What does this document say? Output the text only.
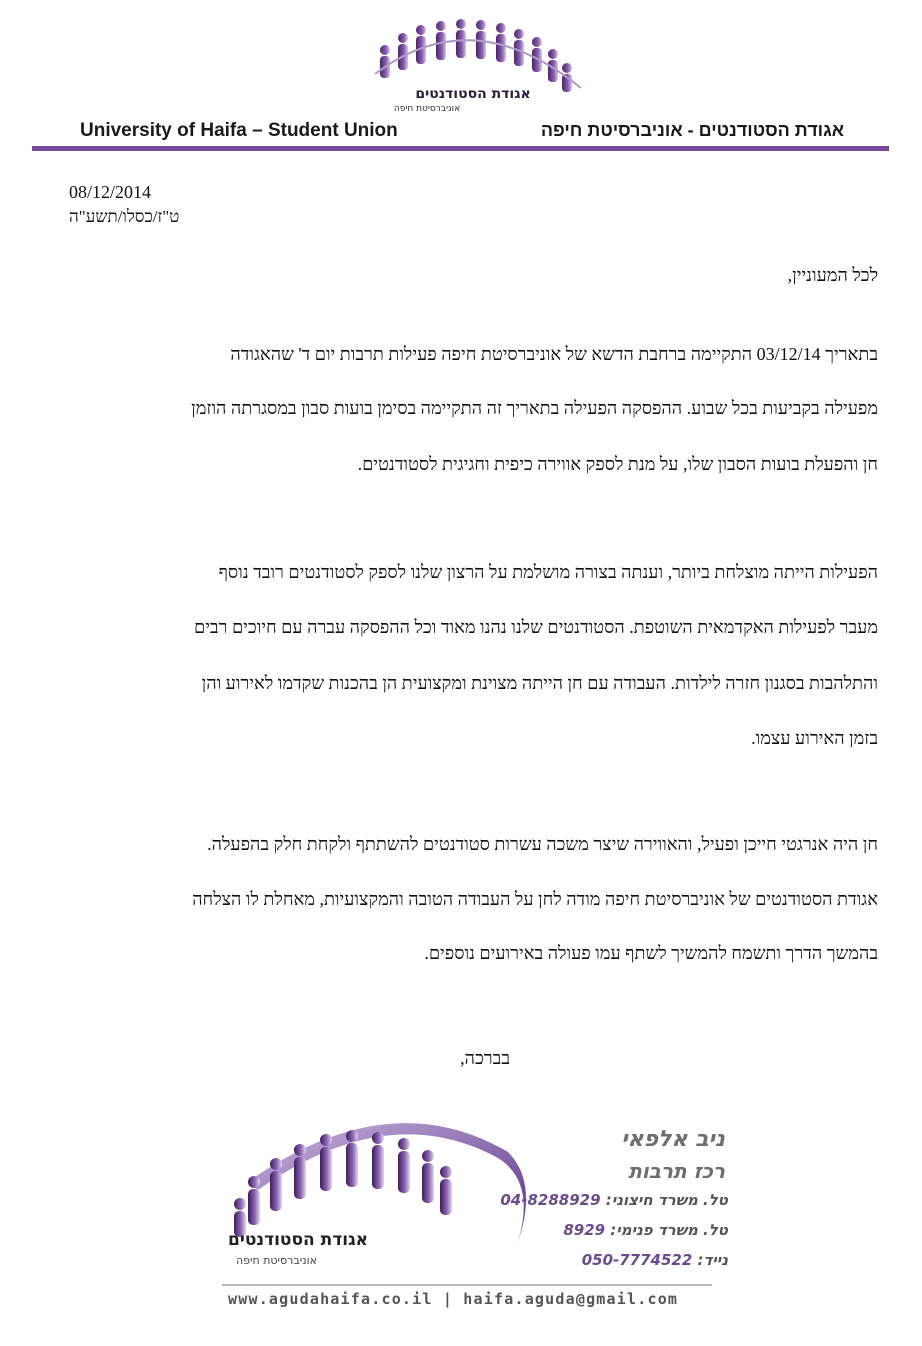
אגודת הסטודנטים
אוניברסיטת חיפה
University of Haifa – Student Union	אגודת הסטודנטים - אוניברסיטת חיפה
08/12/2014
ט"ז/כסלו/תשע"ה
לכל המעוניין,
בתאריך 03/12/14 התקיימה ברחבת הדשא של אוניברסיטת חיפה פעילות תרבות יום ד' שהאגודה
מפעילה בקביעות בכל שבוע. ההפסקה הפעילה בתאריך זה התקיימה בסימן בועות סבון במסגרתה הוזמן
חן והפעלת בועות הסבון שלו, על מנת לספק אווירה כיפית וחגיגית לסטודנטים.
הפעילות הייתה מוצלחת ביותר, וענתה בצורה מושלמת על הרצון שלנו לספק לסטודנטים רובד נוסף
מעבר לפעילות האקדמאית השוטפת. הסטודנטים שלנו נהנו מאוד וכל ההפסקה עברה עם חיוכים רבים
והתלהבות בסגנון חזרה לילדות. העבודה עם חן הייתה מצוינת ומקצועית הן בהכנות שקדמו לאירוע והן
בזמן האירוע עצמו.
חן היה אנרגטי חייכן ופעיל, והאווירה שיצר משכה עשרות סטודנטים להשתתף ולקחת חלק בהפעלה.
אגודת הסטודנטים של אוניברסיטת חיפה מודה לחן על העבודה הטובה והמקצועיות, מאחלת לו הצלחה
בהמשך הדרך ותשמח להמשיך לשתף עמו פעולה באירועים נוספים.
בברכה,
אגודת הסטודנטים
אוניברסיטת חיפה
ניב אלפאי
רכז תרבות
טל. משרד חיצוני: 04-8288929
טל. משרד פנימי: 8929
נייד: 050-7774522
www.agudahaifa.co.il | haifa.aguda@gmail.com
